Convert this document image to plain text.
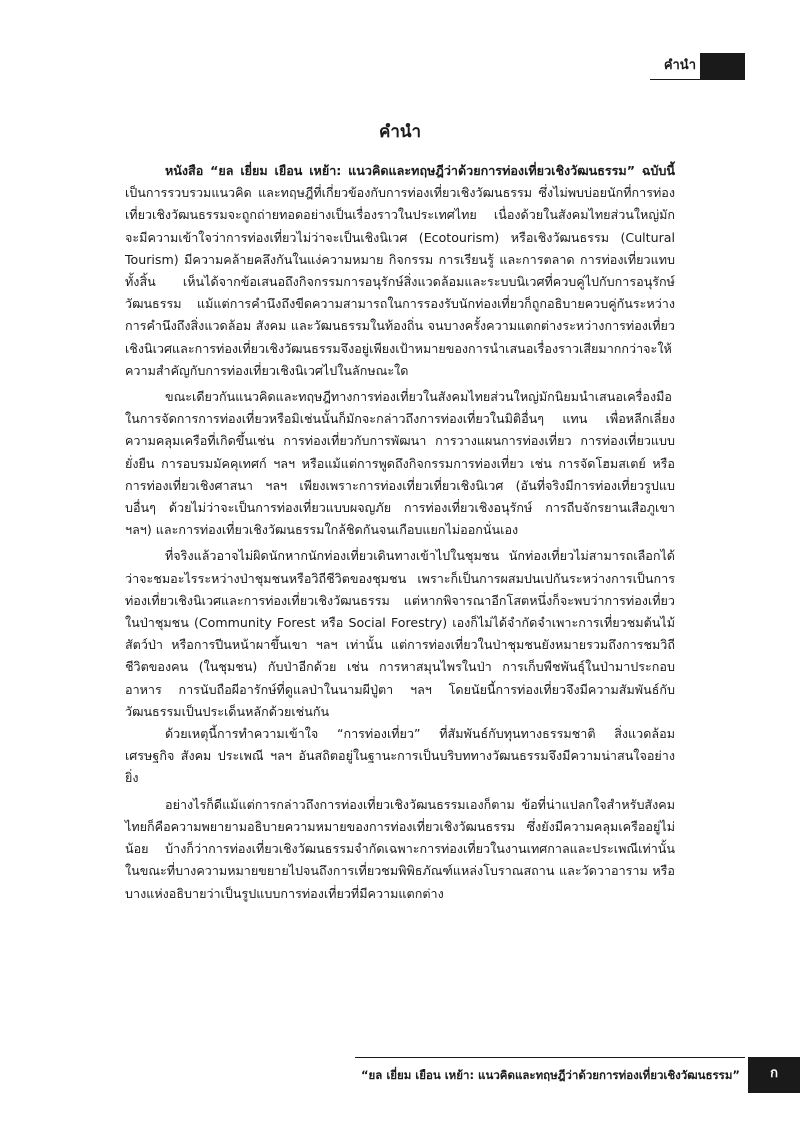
คำนำ
คำนำ

หนังสือ “ยล เยี่ยม เยือน เหย้า: แนวคิดและทฤษฎีว่าด้วยการท่องเที่ยวเชิงวัฒนธรรม” ฉบับนี้เป็นการรวบรวมแนวคิด และทฤษฎีที่เกี่ยวข้องกับการท่องเที่ยวเชิงวัฒนธรรม ซึ่งไม่พบบ่อยนักที่การท่องเที่ยวเชิงวัฒนธรรมจะถูกถ่ายทอดอย่างเป็นเรื่องราวในประเทศไทย เนื่องด้วยในสังคมไทยส่วนใหญ่มักจะมีความเข้าใจว่าการท่องเที่ยวไม่ว่าจะเป็นเชิงนิเวศ (Ecotourism) หรือเชิงวัฒนธรรม (Cultural Tourism) มีความคล้ายคลึงกันในแง่ความหมาย กิจกรรม การเรียนรู้ และการตลาด การท่องเที่ยวแทบทั้งสิ้น เห็นได้จากข้อเสนอถึงกิจกรรมการอนุรักษ์สิ่งแวดล้อมและระบบนิเวศที่ควบคู่ไปกับการอนุรักษ์วัฒนธรรม แม้แต่การคำนึงถึงขีดความสามารถในการรองรับนักท่องเที่ยวก็ถูกอธิบายควบคู่กันระหว่างการคำนึงถึงสิ่งแวดล้อม สังคม และวัฒนธรรมในท้องถิ่น จนบางครั้งความแตกต่างระหว่างการท่องเที่ยวเชิงนิเวศและการท่องเที่ยวเชิงวัฒนธรรมจึงอยู่เพียงเป้าหมายของการนำเสนอเรื่องราวเสียมากกว่าจะให้ความสำคัญกับการท่องเที่ยวเชิงนิเวศไปในลักษณะใด

ขณะเดียวกันแนวคิดและทฤษฎีทางการท่องเที่ยวในสังคมไทยส่วนใหญ่มักนิยมนำเสนอเครื่องมือในการจัดการการท่องเที่ยวหรือมิเช่นนั้นก็มักจะกล่าวถึงการท่องเที่ยวในมิติอื่นๆ แทน เพื่อหลีกเลี่ยงความคลุมเครือที่เกิดขึ้นเช่น การท่องเที่ยวกับการพัฒนา การวางแผนการท่องเที่ยว การท่องเที่ยวแบบยั่งยืน การอบรมมัคคุเทศก์ ฯลฯ หรือแม้แต่การพูดถึงกิจกรรมการท่องเที่ยว เช่น การจัดโฮมสเตย์ หรือการท่องเที่ยวเชิงศาสนา ฯลฯ เพียงเพราะการท่องเที่ยวเที่ยวเชิงนิเวศ (อันที่จริงมีการท่องเที่ยวรูปแบบอื่นๆ ด้วยไม่ว่าจะเป็นการท่องเที่ยวแบบผจญภัย การท่องเที่ยวเชิงอนุรักษ์ การถีบจักรยานเสือภูเขา ฯลฯ) และการท่องเที่ยวเชิงวัฒนธรรมใกล้ชิดกันจนเกือบแยกไม่ออกนั่นเอง

ที่จริงแล้วอาจไม่ผิดนักหากนักท่องเที่ยวเดินทางเข้าไปในชุมชน นักท่องเที่ยวไม่สามารถเลือกได้ว่าจะชมอะไรระหว่างป่าชุมชนหรือวิถีชีวิตของชุมชน เพราะก็เป็นการผสมปนเปกันระหว่างการเป็นการท่องเที่ยวเชิงนิเวศและการท่องเที่ยวเชิงวัฒนธรรม แต่หากพิจารณาอีกโสตหนึ่งก็จะพบว่าการท่องเที่ยวในป่าชุมชน (Community Forest หรือ Social Forestry) เองก็ไม่ได้จำกัดจำเพาะการเที่ยวชมต้นไม้ สัตว์ป่า หรือการปีนหน้าผาขึ้นเขา ฯลฯ เท่านั้น แต่การท่องเที่ยวในป่าชุมชนยังหมายรวมถึงการชมวิถีชีวิตของคน (ในชุมชน) กับป่าอีกด้วย เช่น การหาสมุนไพรในป่า การเก็บพืชพันธุ์ในป่ามาประกอบอาหาร การนับถือผีอารักษ์ที่ดูแลป่าในนามผีปู่ตา ฯลฯ โดยนัยนี้การท่องเที่ยวจึงมีความสัมพันธ์กับวัฒนธรรมเป็นประเด็นหลักด้วยเช่นกัน

ด้วยเหตุนี้การทำความเข้าใจ “การท่องเที่ยว” ที่สัมพันธ์กับทุนทางธรรมชาติ สิ่งแวดล้อม เศรษฐกิจ สังคม ประเพณี ฯลฯ อันสถิตอยู่ในฐานะการเป็นบริบททางวัฒนธรรมจึงมีความน่าสนใจอย่างยิ่ง

อย่างไรก็ดีแม้แต่การกล่าวถึงการท่องเที่ยวเชิงวัฒนธรรมเองก็ตาม ข้อที่น่าแปลกใจสำหรับสังคมไทยก็คือความพยายามอธิบายความหมายของการท่องเที่ยวเชิงวัฒนธรรม ซึ่งยังมีความคลุมเครืออยู่ไม่น้อย บ้างก็ว่าการท่องเที่ยวเชิงวัฒนธรรมจำกัดเฉพาะการท่องเที่ยวในงานเทศกาลและประเพณีเท่านั้น ในขณะที่บางความหมายขยายไปจนถึงการเที่ยวชมพิพิธภัณฑ์แหล่งโบราณสถาน และวัดวาอาราม หรือบางแห่งอธิบายว่าเป็นรูปแบบการท่องเที่ยวที่มีความแตกต่าง

“ยล เยี่ยม เยือน เหย้า: แนวคิดและทฤษฎีว่าด้วยการท่องเที่ยวเชิงวัฒนธรรม”	ก
